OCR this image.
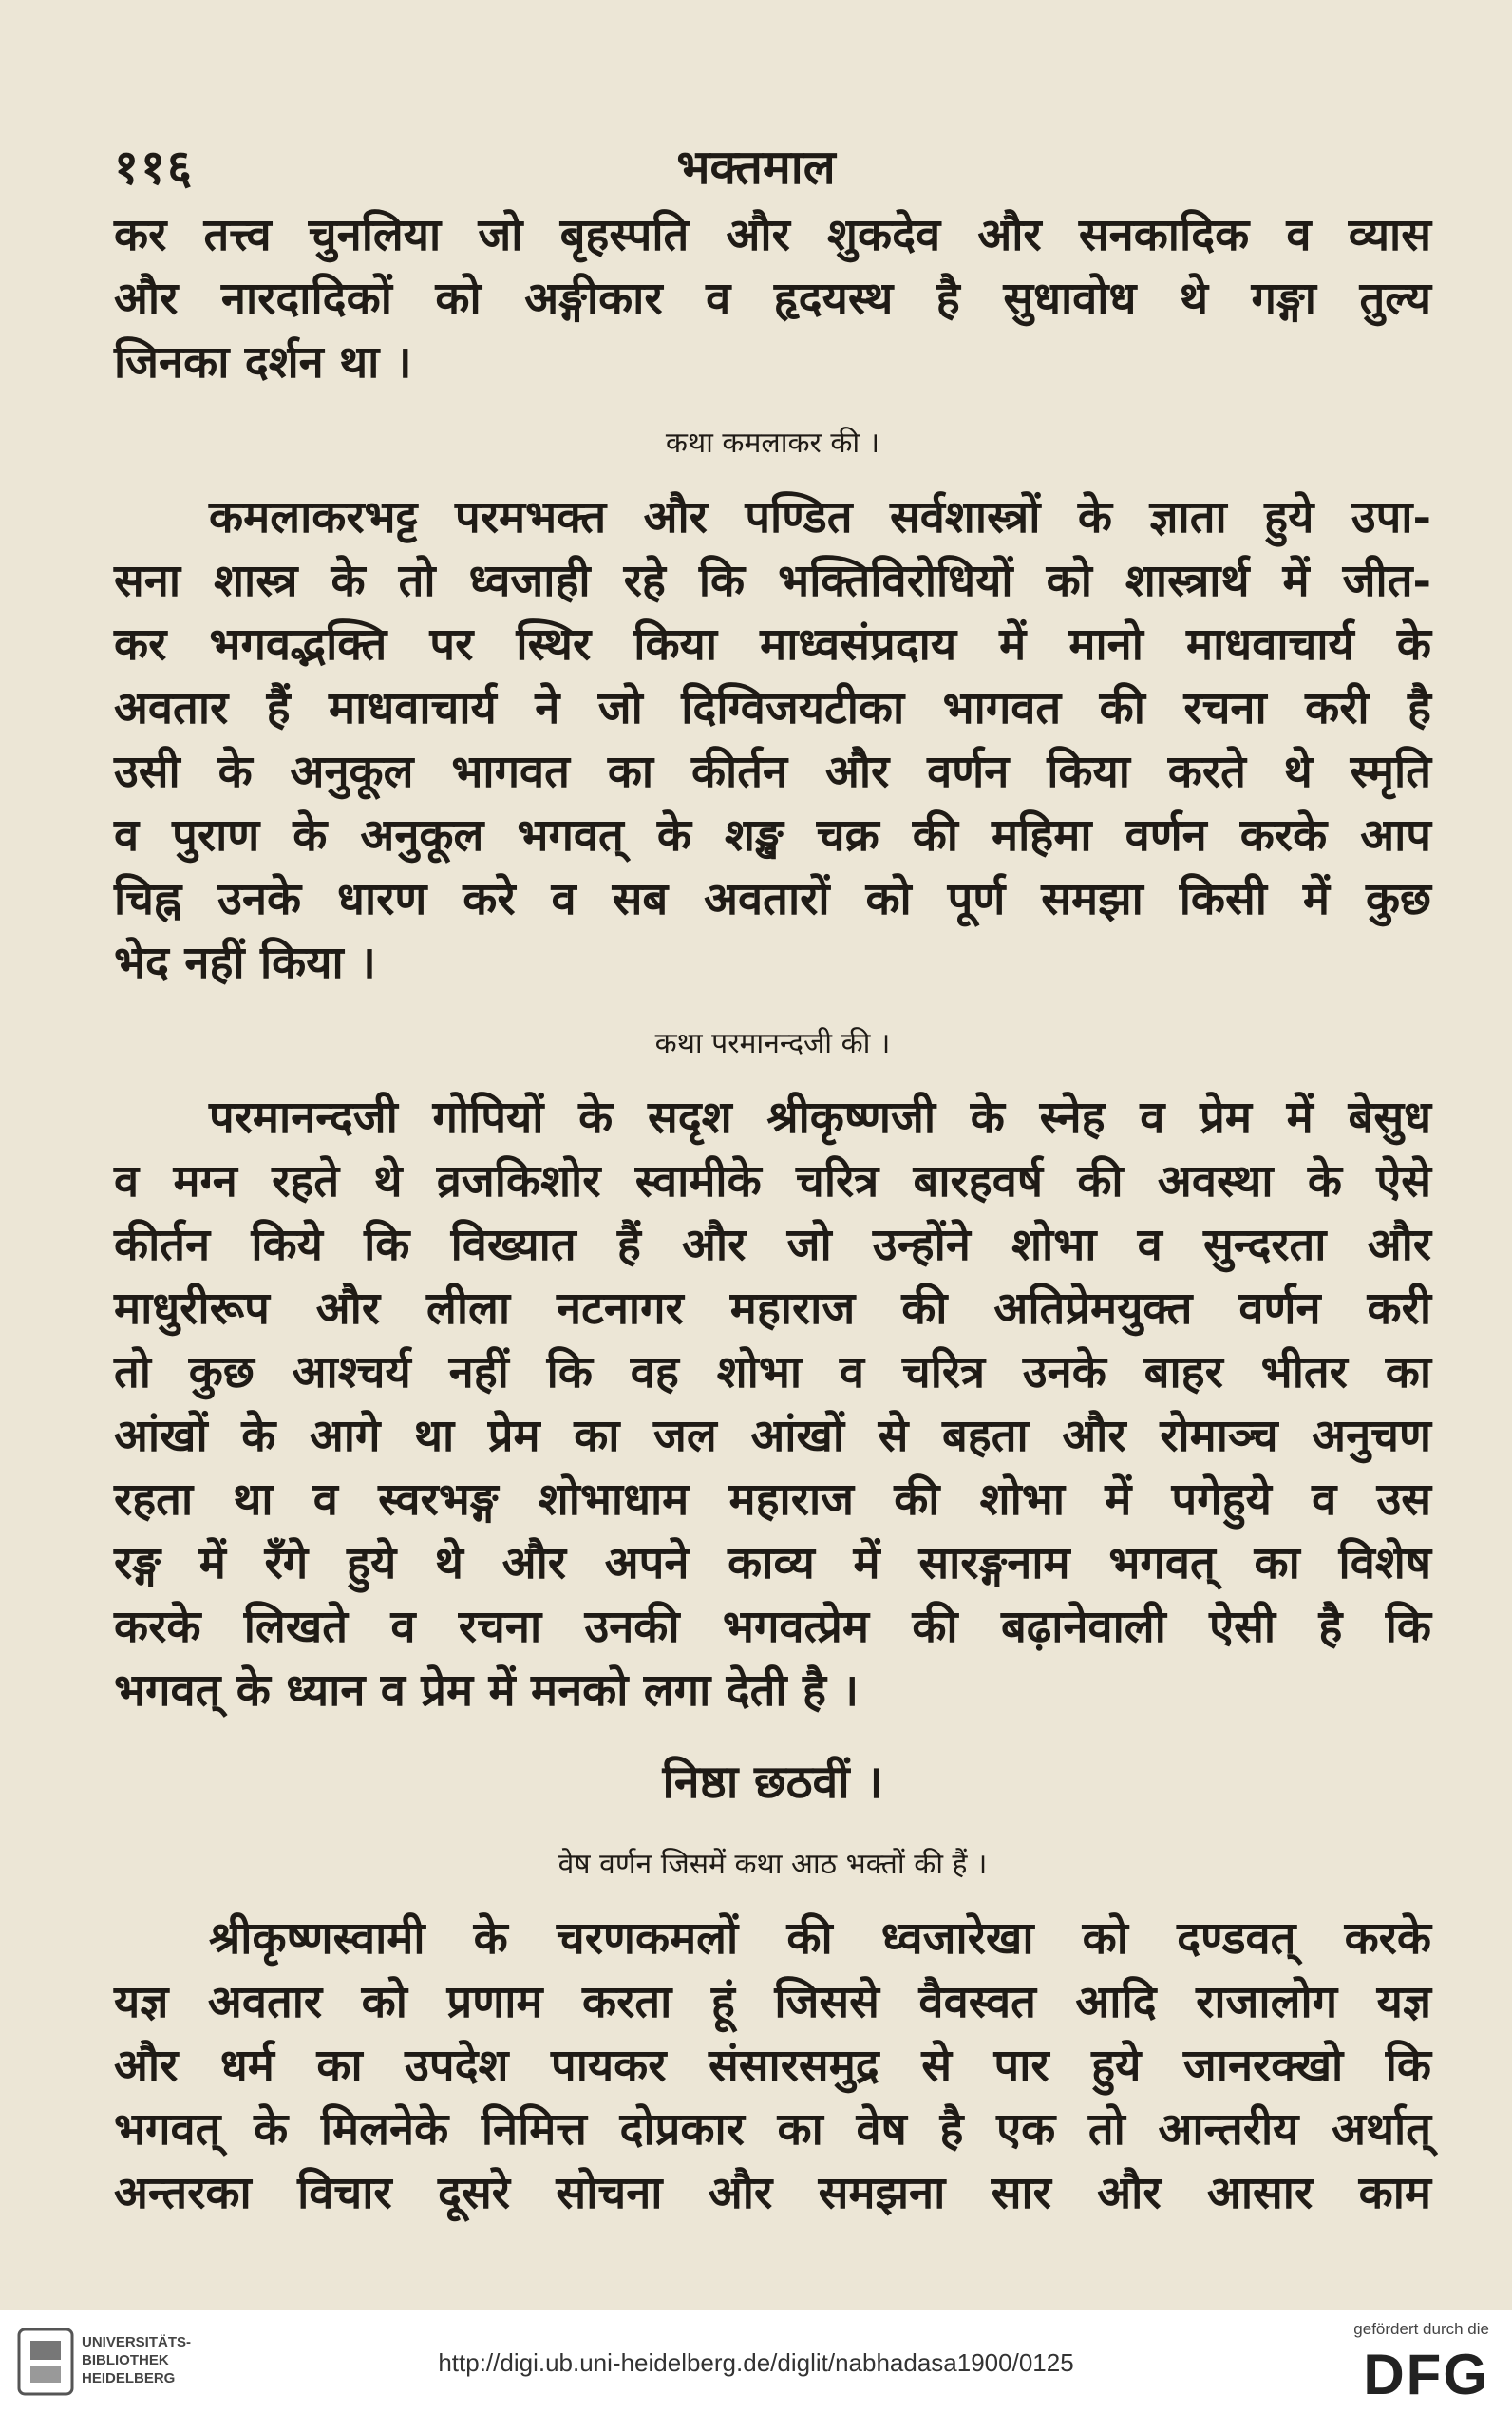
११६	भक्तमाल
कर तत्त्व चुनलिया जो बृहस्पति और शुकदेव और सनकादिक व व्यास
और नारदादिकों को अङ्गीकार व हृदयस्थ है सुधावोध थे गङ्गा तुल्य
जिनका दर्शन था ।
कथा कमलाकर की ।
कमलाकरभट्ट परमभक्त और पण्डित सर्वशास्त्रों के ज्ञाता हुये उपा-
सना शास्त्र के तो ध्वजाही रहे कि भक्तिविरोधियों को शास्त्रार्थ में जीत-
कर भगवद्भक्ति पर स्थिर किया माध्वसंप्रदाय में मानो माधवाचार्य के
अवतार हैं माधवाचार्य ने जो दिग्विजयटीका भागवत की रचना करी है
उसी के अनुकूल भागवत का कीर्तन और वर्णन किया करते थे स्मृति
व पुराण के अनुकूल भगवत् के शङ्ख चक्र की महिमा वर्णन करके आप
चिह्न उनके धारण करे व सब अवतारों को पूर्ण समझा किसी में कुछ
भेद नहीं किया ।
कथा परमानन्दजी की ।
परमानन्दजी गोपियों के सदृश श्रीकृष्णजी के स्नेह व प्रेम में बेसुध
व मग्न रहते थे व्रजकिशोर स्वामीके चरित्र बारहवर्ष की अवस्था के ऐसे
कीर्तन किये कि विख्यात हैं और जो उन्होंने शोभा व सुन्दरता और
माधुरीरूप और लीला नटनागर महाराज की अतिप्रेमयुक्त वर्णन करी
तो कुछ आश्चर्य नहीं कि वह शोभा व चरित्र उनके बाहर भीतर का
आंखों के आगे था प्रेम का जल आंखों से बहता और रोमाञ्च अनुचण
रहता था व स्वरभङ्ग शोभाधाम महाराज की शोभा में पगेहुये व उस
रङ्ग में रँगे हुये थे और अपने काव्य में सारङ्गनाम भगवत् का विशेष
करके लिखते व रचना उनकी भगवत्प्रेम की बढ़ानेवाली ऐसी है कि
भगवत् के ध्यान व प्रेम में मनको लगा देती है ।
निष्ठा छठवीं ।
वेष वर्णन जिसमें कथा आठ भक्तों की हैं ।
श्रीकृष्णस्वामी के चरणकमलों की ध्वजारेखा को दण्डवत् करके
यज्ञ अवतार को प्रणाम करता हूं जिससे वैवस्वत आदि राजालोग यज्ञ
और धर्म का उपदेश पायकर संसारसमुद्र से पार हुये जानरक्खो कि
भगवत् के मिलनेके निमित्त दोप्रकार का वेष है एक तो आन्तरीय अर्थात्
अन्तरका विचार दूसरे सोचना और समझना सार और आसार काम
UNIVERSITÄTS-
BIBLIOTHEK
HEIDELBERG
http://digi.ub.uni-heidelberg.de/diglit/nabhadasa1900/0125
gefördert durch die
DFG
